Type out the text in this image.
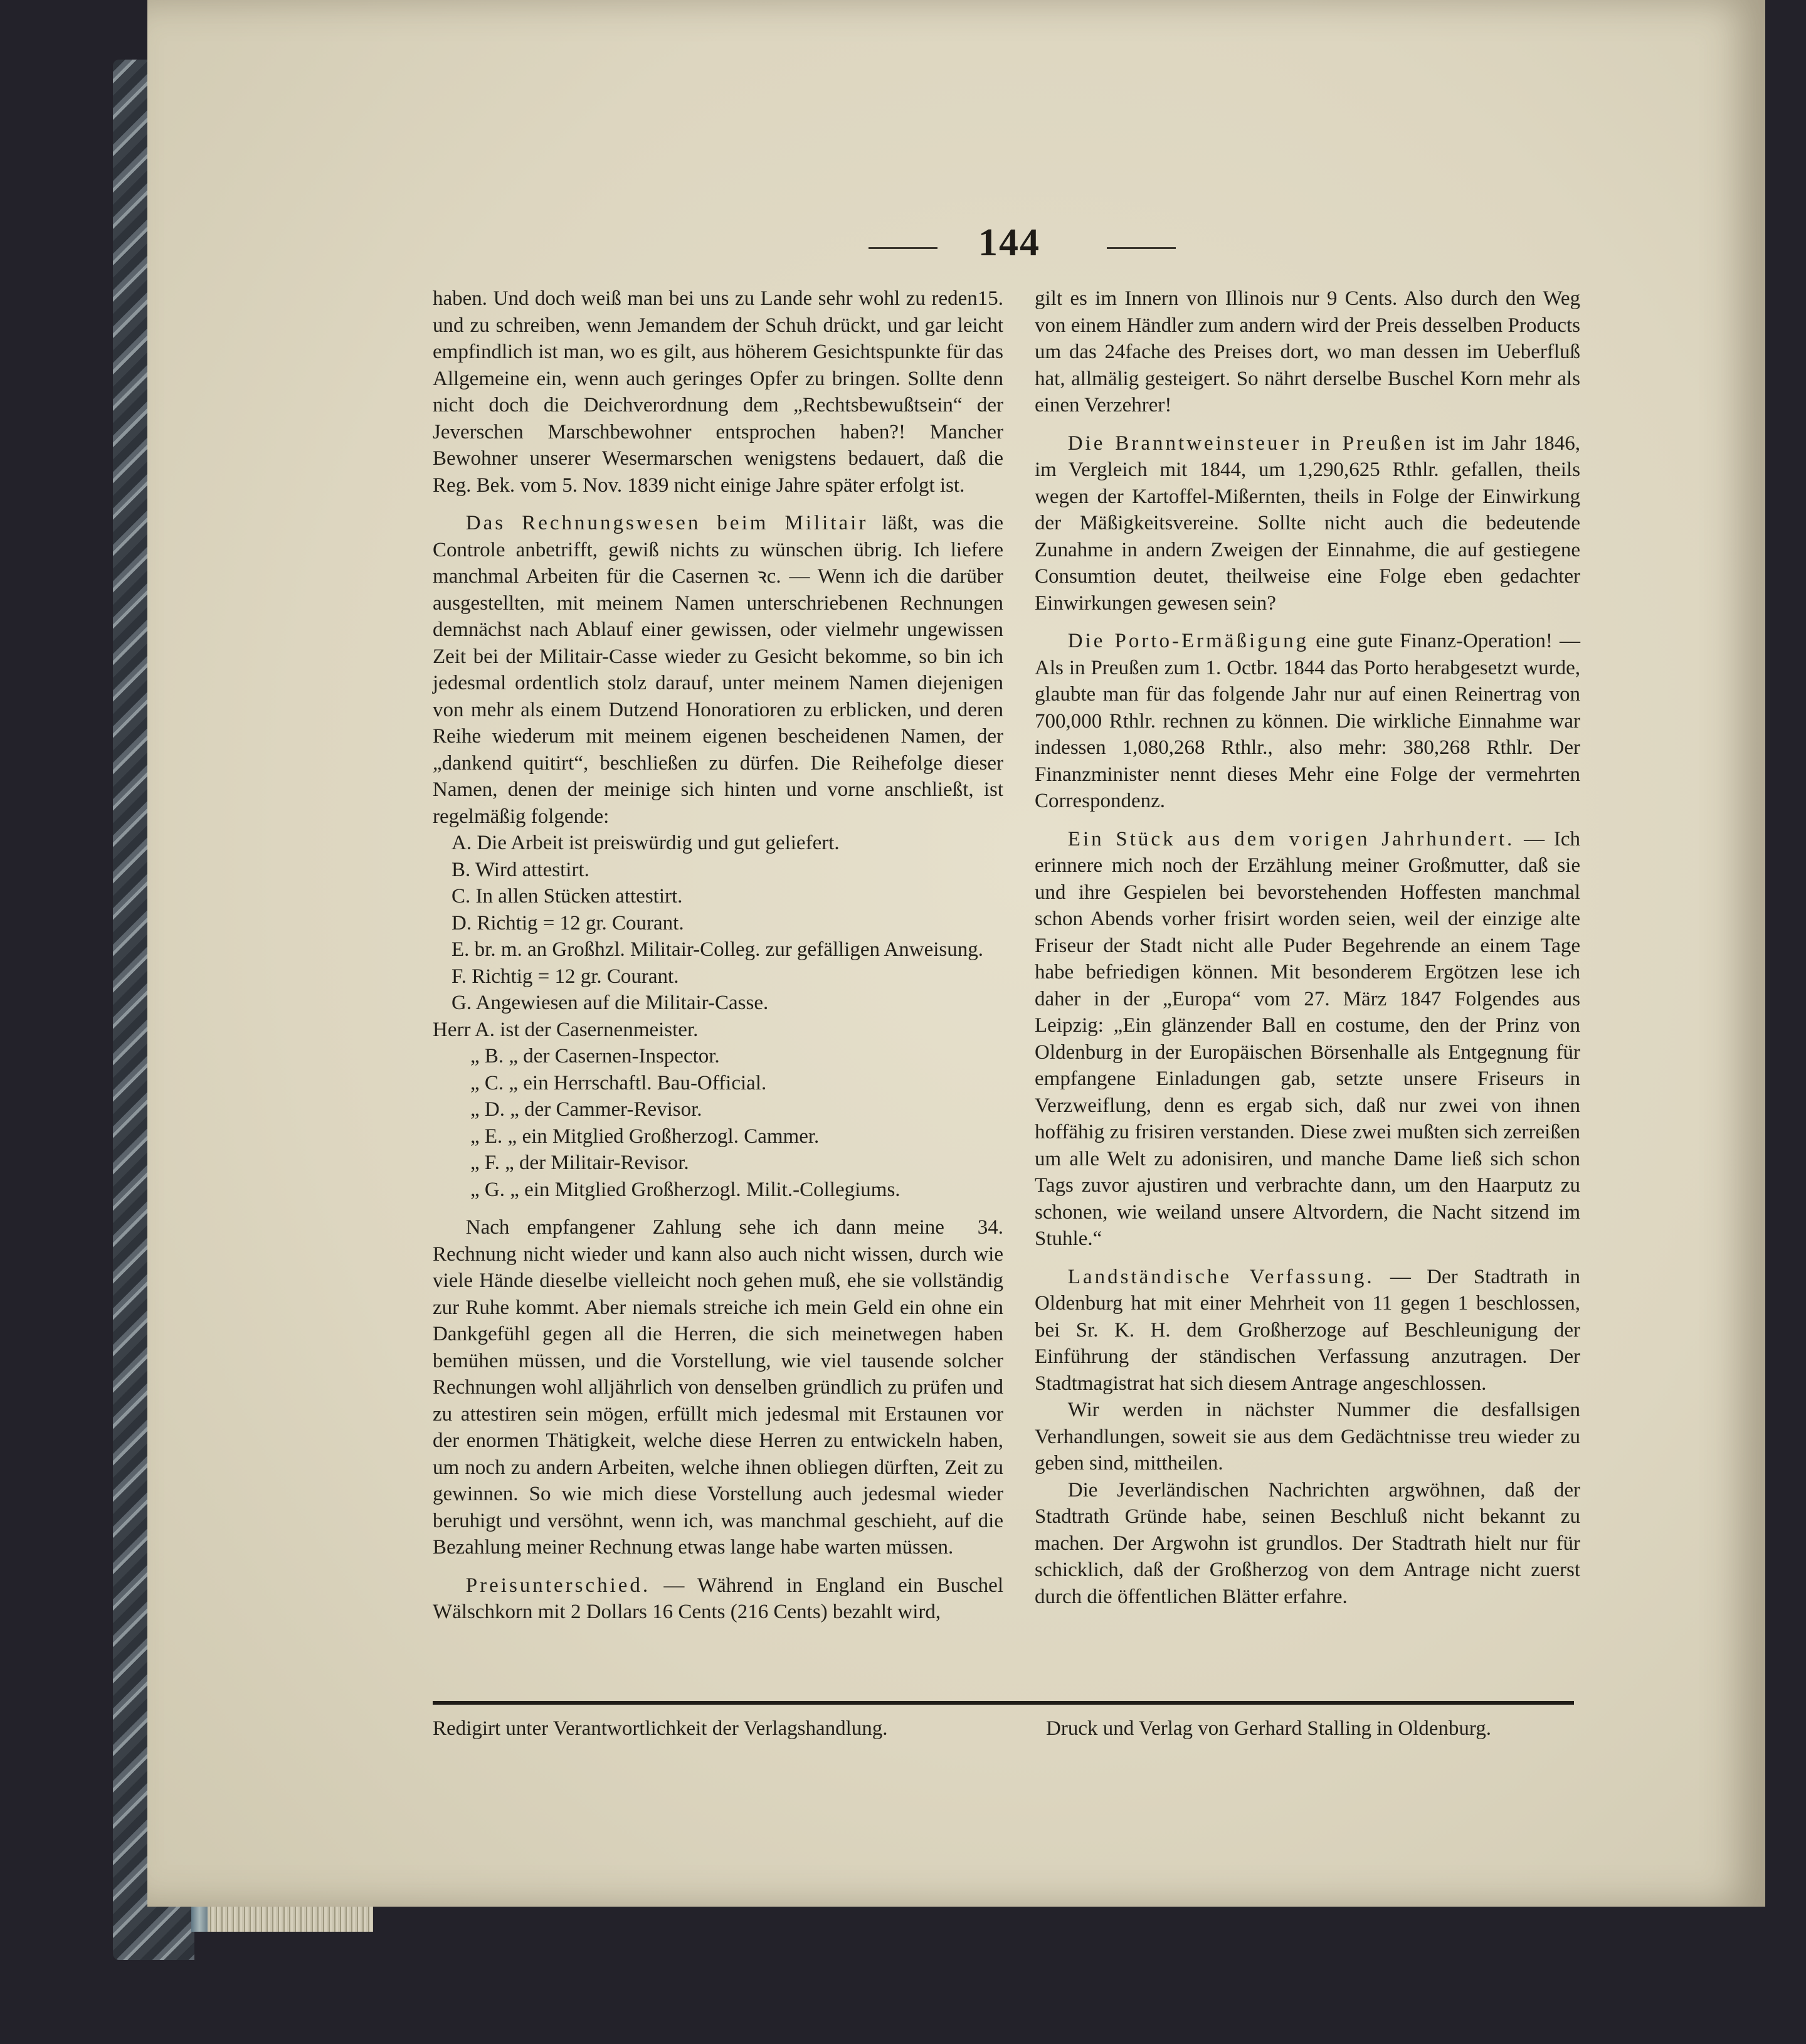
144

15.
haben. Und doch weiß man bei uns zu Lande sehr wohl zu reden und zu schreiben, wenn Jemandem der Schuh drückt, und gar leicht empfindlich ist man, wo es gilt, aus höherem Gesichtspunkte für das Allgemeine ein, wenn auch geringes Opfer zu bringen. Sollte denn nicht doch die Deichverordnung dem „Rechtsbewußtsein“ der Jeverschen Marschbewohner entsprochen haben?! Mancher Bewohner unserer Wesermarschen wenigstens bedauert, daß die Reg. Bek. vom 5. Nov. 1839 nicht einige Jahre später erfolgt ist.

Das Rechnungswesen beim Militair läßt, was die Controle anbetrifft, gewiß nichts zu wünschen übrig. Ich liefere manchmal Arbeiten für die Casernen ꝛc. — Wenn ich die darüber ausgestellten, mit meinem Namen unterschriebenen Rechnungen demnächst nach Ablauf einer gewissen, oder vielmehr ungewissen Zeit bei der Militair-Casse wieder zu Gesicht bekomme, so bin ich jedesmal ordentlich stolz darauf, unter meinem Namen diejenigen von mehr als einem Dutzend Honoratioren zu erblicken, und deren Reihe wiederum mit meinem eigenen bescheidenen Namen, der „dankend quitirt“, beschließen zu dürfen. Die Reihefolge dieser Namen, denen der meinige sich hinten und vorne anschließt, ist regelmäßig folgende:

A. Die Arbeit ist preiswürdig und gut geliefert.

B. Wird attestirt.

C. In allen Stücken attestirt.

D. Richtig = 12 gr. Courant.

E. br. m. an Großhzl. Militair-Colleg. zur gefälligen Anweisung.

F. Richtig = 12 gr. Courant.

G. Angewiesen auf die Militair-Casse.

Herr A. ist der Casernenmeister.

„ B. „ der Casernen-Inspector.

„ C. „ ein Herrschaftl. Bau-Official.

„ D. „ der Cammer-Revisor.

„ E. „ ein Mitglied Großherzogl. Cammer.

„ F. „ der Militair-Revisor.

„ G. „ ein Mitglied Großherzogl. Milit.-Collegiums.

34.
Nach empfangener Zahlung sehe ich dann meine Rechnung nicht wieder und kann also auch nicht wissen, durch wie viele Hände dieselbe vielleicht noch gehen muß, ehe sie vollständig zur Ruhe kommt. Aber niemals streiche ich mein Geld ein ohne ein Dankgefühl gegen all die Herren, die sich meinetwegen haben bemühen müssen, und die Vorstellung, wie viel tausende solcher Rechnungen wohl alljährlich von denselben gründlich zu prüfen und zu attestiren sein mögen, erfüllt mich jedesmal mit Erstaunen vor der enormen Thätigkeit, welche diese Herren zu entwickeln haben, um noch zu andern Arbeiten, welche ihnen obliegen dürften, Zeit zu gewinnen. So wie mich diese Vorstellung auch jedesmal wieder beruhigt und versöhnt, wenn ich, was manchmal geschieht, auf die Bezahlung meiner Rechnung etwas lange habe warten müssen.

Preisunterschied. — Während in England ein Buschel Wälschkorn mit 2 Dollars 16 Cents (216 Cents) bezahlt wird,

gilt es im Innern von Illinois nur 9 Cents. Also durch den Weg von einem Händler zum andern wird der Preis desselben Products um das 24fache des Preises dort, wo man dessen im Ueberfluß hat, allmälig gesteigert. So nährt derselbe Buschel Korn mehr als einen Verzehrer!

Die Branntweinsteuer in Preußen ist im Jahr 1846, im Vergleich mit 1844, um 1,290,625 Rthlr. gefallen, theils wegen der Kartoffel-Mißernten, theils in Folge der Einwirkung der Mäßigkeitsvereine. Sollte nicht auch die bedeutende Zunahme in andern Zweigen der Einnahme, die auf gestiegene Consumtion deutet, theilweise eine Folge eben gedachter Einwirkungen gewesen sein?

Die Porto-Ermäßigung eine gute Finanz-Operation! — Als in Preußen zum 1. Octbr. 1844 das Porto herabgesetzt wurde, glaubte man für das folgende Jahr nur auf einen Reinertrag von 700,000 Rthlr. rechnen zu können. Die wirkliche Einnahme war indessen 1,080,268 Rthlr., also mehr: 380,268 Rthlr. Der Finanzminister nennt dieses Mehr eine Folge der vermehrten Correspondenz.

Ein Stück aus dem vorigen Jahrhundert. — Ich erinnere mich noch der Erzählung meiner Großmutter, daß sie und ihre Gespielen bei bevorstehenden Hoffesten manchmal schon Abends vorher frisirt worden seien, weil der einzige alte Friseur der Stadt nicht alle Puder Begehrende an einem Tage habe befriedigen können. Mit besonderem Ergötzen lese ich daher in der „Europa“ vom 27. März 1847 Folgendes aus Leipzig: „Ein glänzender Ball en costume, den der Prinz von Oldenburg in der Europäischen Börsenhalle als Entgegnung für empfangene Einladungen gab, setzte unsere Friseurs in Verzweiflung, denn es ergab sich, daß nur zwei von ihnen hoffähig zu frisiren verstanden. Diese zwei mußten sich zerreißen um alle Welt zu adonisiren, und manche Dame ließ sich schon Tags zuvor ajustiren und verbrachte dann, um den Haarputz zu schonen, wie weiland unsere Altvordern, die Nacht sitzend im Stuhle.“

Landständische Verfassung. — Der Stadtrath in Oldenburg hat mit einer Mehrheit von 11 gegen 1 beschlossen, bei Sr. K. H. dem Großherzoge auf Beschleunigung der Einführung der ständischen Verfassung anzutragen. Der Stadtmagistrat hat sich diesem Antrage angeschlossen.

Wir werden in nächster Nummer die desfallsigen Verhandlungen, soweit sie aus dem Gedächtnisse treu wieder zu geben sind, mittheilen.

Die Jeverländischen Nachrichten argwöhnen, daß der Stadtrath Gründe habe, seinen Beschluß nicht bekannt zu machen. Der Argwohn ist grundlos. Der Stadtrath hielt nur für schicklich, daß der Großherzog von dem Antrage nicht zuerst durch die öffentlichen Blätter erfahre.

Redigirt unter Verantwortlichkeit der Verlagshandlung.	Druck und Verlag von Gerhard Stalling in Oldenburg.
